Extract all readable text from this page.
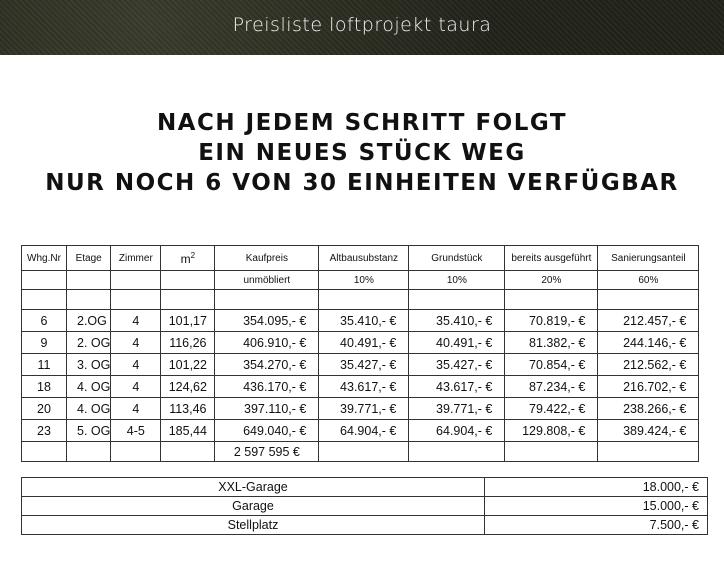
Preisliste loftprojekt taura
NACH JEDEM SCHRITT FOLGT
EIN NEUES STÜCK WEG
NUR NOCH 6 VON 30 EINHEITEN VERFÜGBAR
Whg.Nr	Etage	Zimmer	$m^2$	Kaufpreis	Altbausubstanz	Grundstück	bereits ausgeführt	Sanierungsanteil
				unmöbliert	10%	10%	20%	60%

6	2.OG	4	101,17	354.095,- €	35.410,- €	35.410,- €	70.819,- €	212.457,- €
9	2. OG	4	116,26	406.910,- €	40.491,- €	40.491,- €	81.382,- €	244.146,- €
11	3. OG	4	101,22	354.270,- €	35.427,- €	35.427,- €	70.854,- €	212.562,- €
18	4. OG	4	124,62	436.170,- €	43.617,- €	43.617,- €	87.234,- €	216.702,- €
20	4. OG	4	113,46	397.110,- €	39.771,- €	39.771,- €	79.422,- €	238.266,- €
23	5. OG	4-5	185,44	649.040,- €	64.904,- €	64.904,- €	129.808,- €	389.424,- €
				2 597 595 €				
XXL-Garage	18.000,- €
Garage	15.000,- €
Stellplatz	7.500,- €
